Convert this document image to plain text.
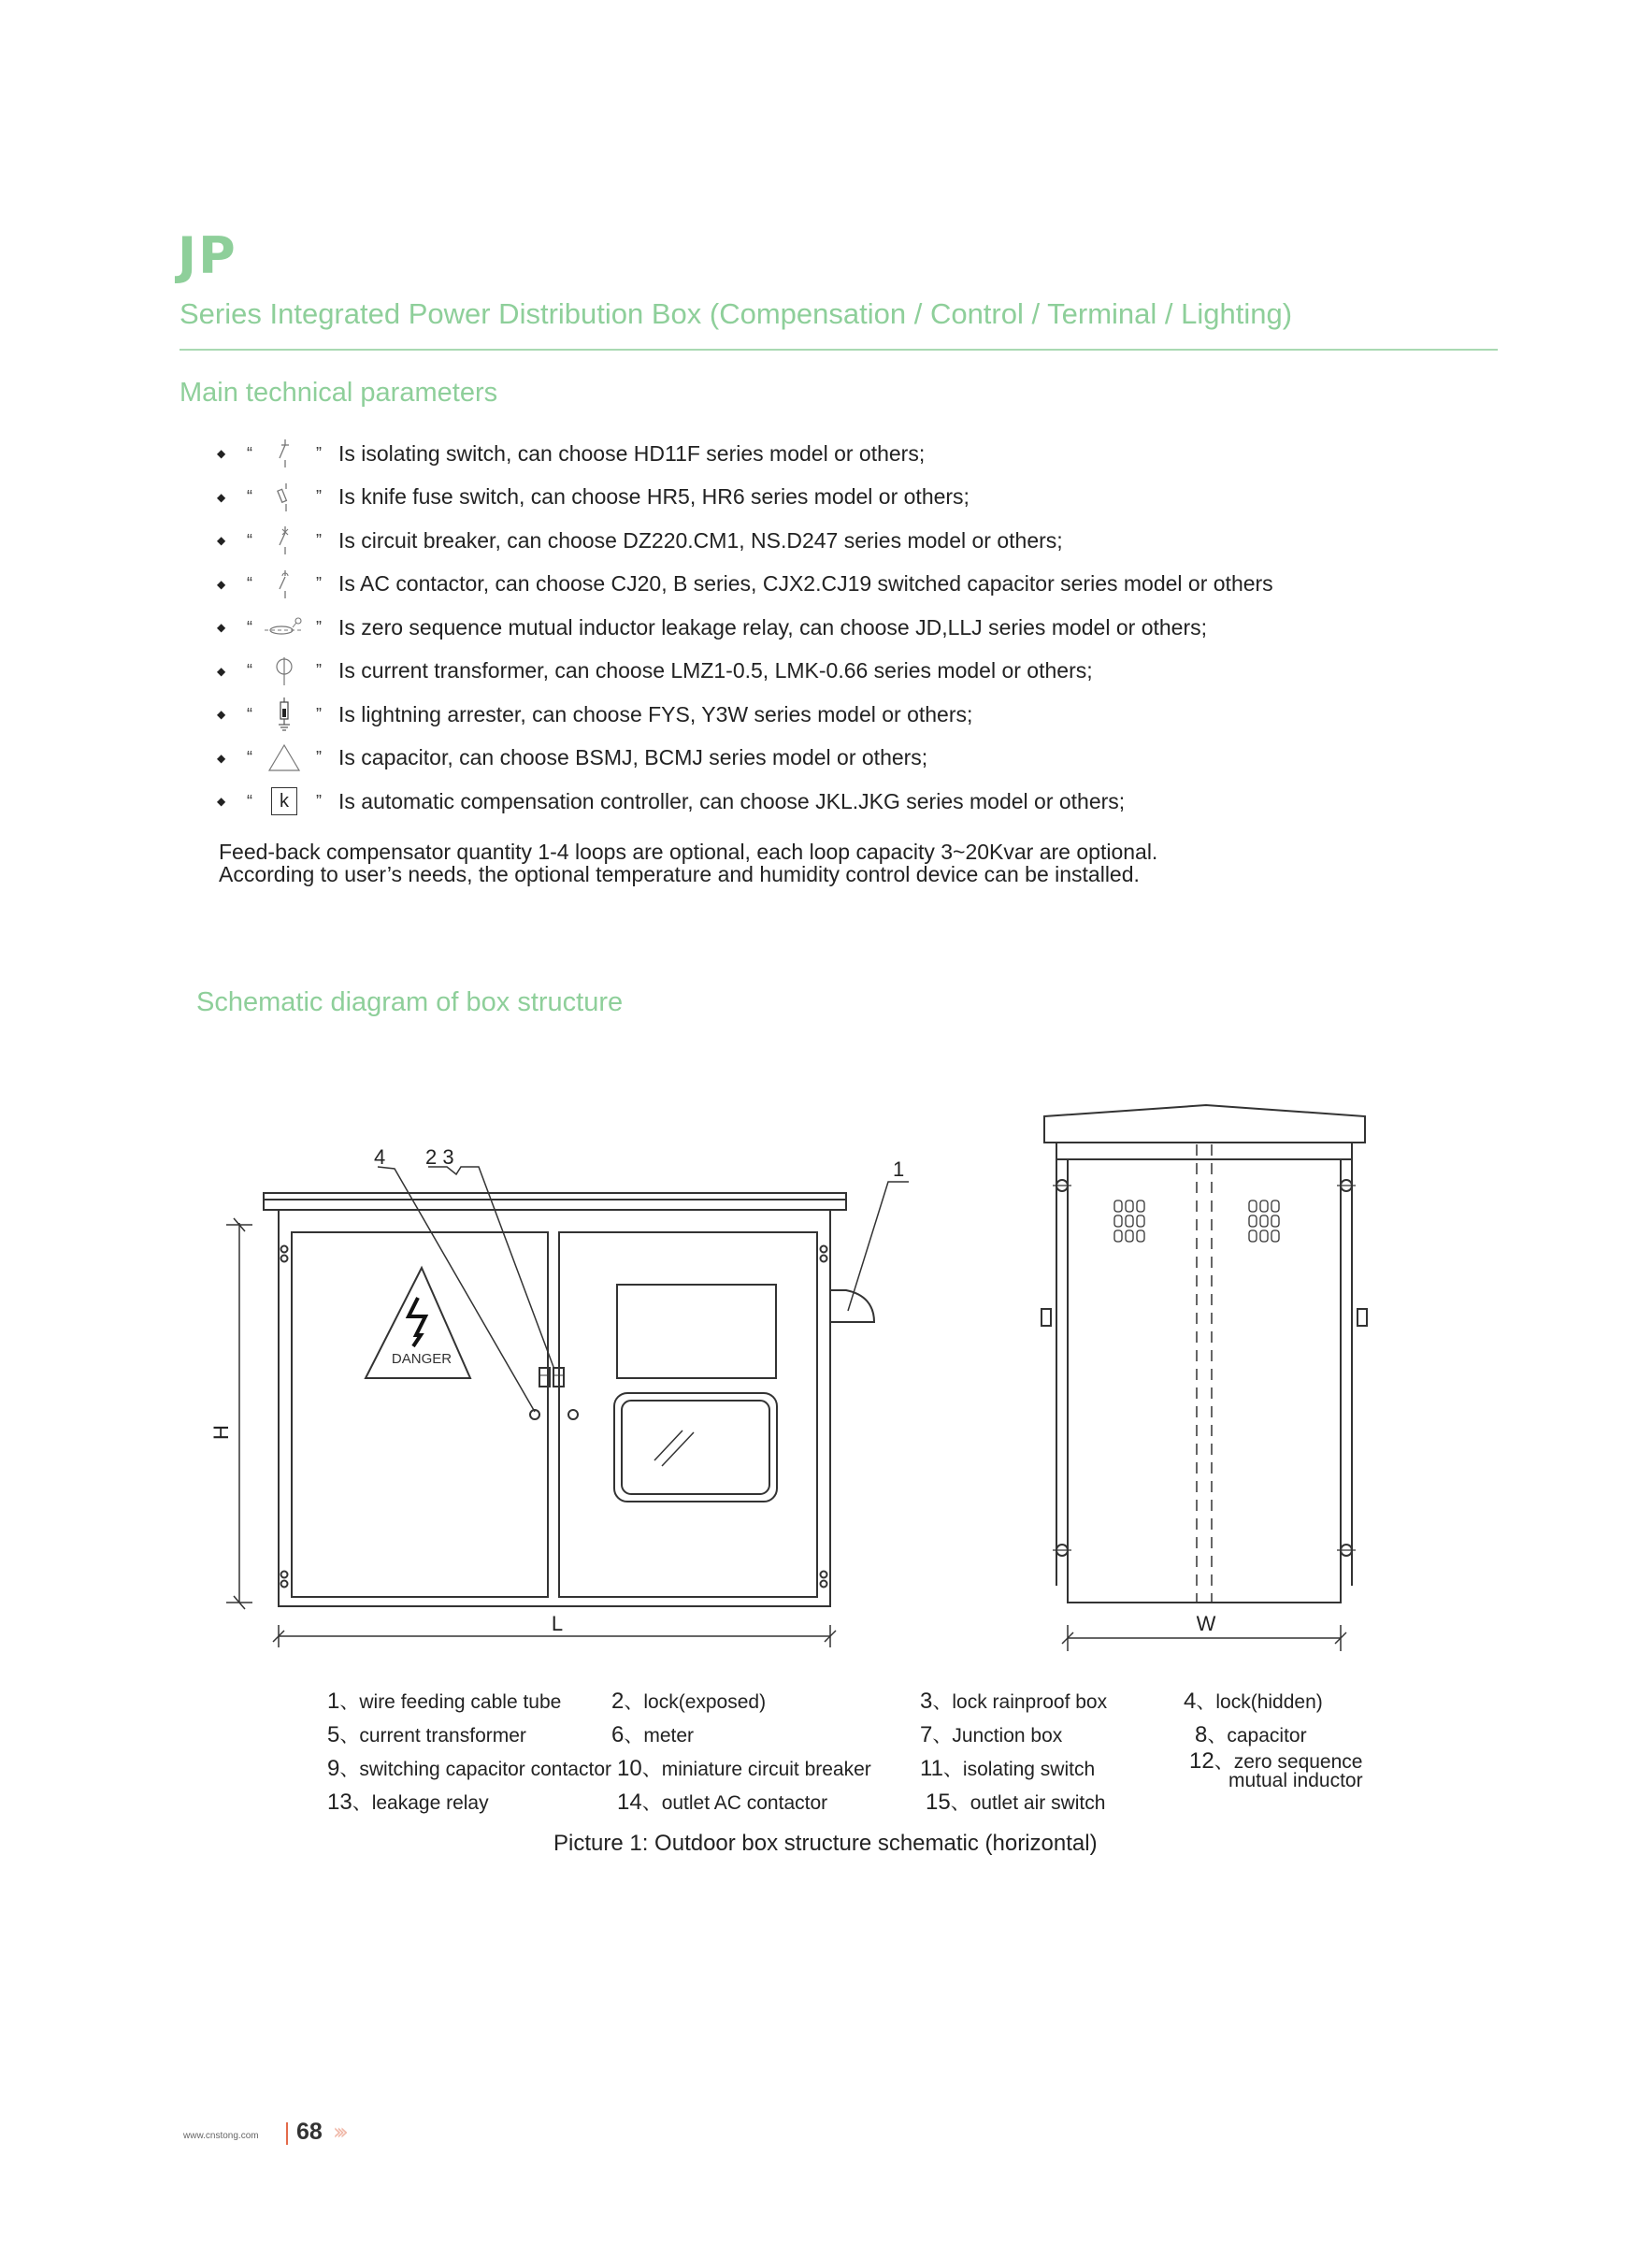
JP
Series Integrated Power Distribution Box (Compensation / Control / Terminal / Lighting)
Main technical parameters
◆	“	” Is isolating switch, can choose HD11F series model or others;
◆	“	” Is knife fuse switch, can choose HR5, HR6 series model or others;
◆	“	” Is circuit breaker, can choose DZ220.CM1, NS.D247 series model or others;
◆	“	” Is AC contactor, can choose CJ20, B series, CJX2.CJ19 switched capacitor series model or others
◆	“	” Is zero sequence mutual inductor leakage relay, can choose JD,LLJ series model or others;
◆	“	” Is current transformer, can choose LMZ1-0.5, LMK-0.66 series model or others;
◆	“	” Is lightning arrester, can choose FYS, Y3W series model or others;
◆	“	” Is capacitor, can choose BSMJ, BCMJ series model or others;
◆	“	k	” Is automatic compensation controller, can choose JKL.JKG series model or others;
Feed-back compensator quantity 1-4 loops are optional, each loop capacity 3~20Kvar are optional.
According to user’s needs, the optional temperature and humidity control device can be installed.
Schematic diagram of box structure
DANGER
4 2 3
1
H
L	W
1、wire feeding cable tube 2、lock(exposed)	3、lock rainproof box	4、lock(hidden)
5、current transformer	6、meter	7、Junction box	8、capacitor
9、switching capacitor contactor 10、miniature circuit breaker 11、isolating switch	12、zero sequence
mutual inductor
13、leakage relay	14、outlet AC contactor	15、outlet air switch
Picture 1: Outdoor box structure schematic (horizontal)
www.cnstong.com 68 ›››
